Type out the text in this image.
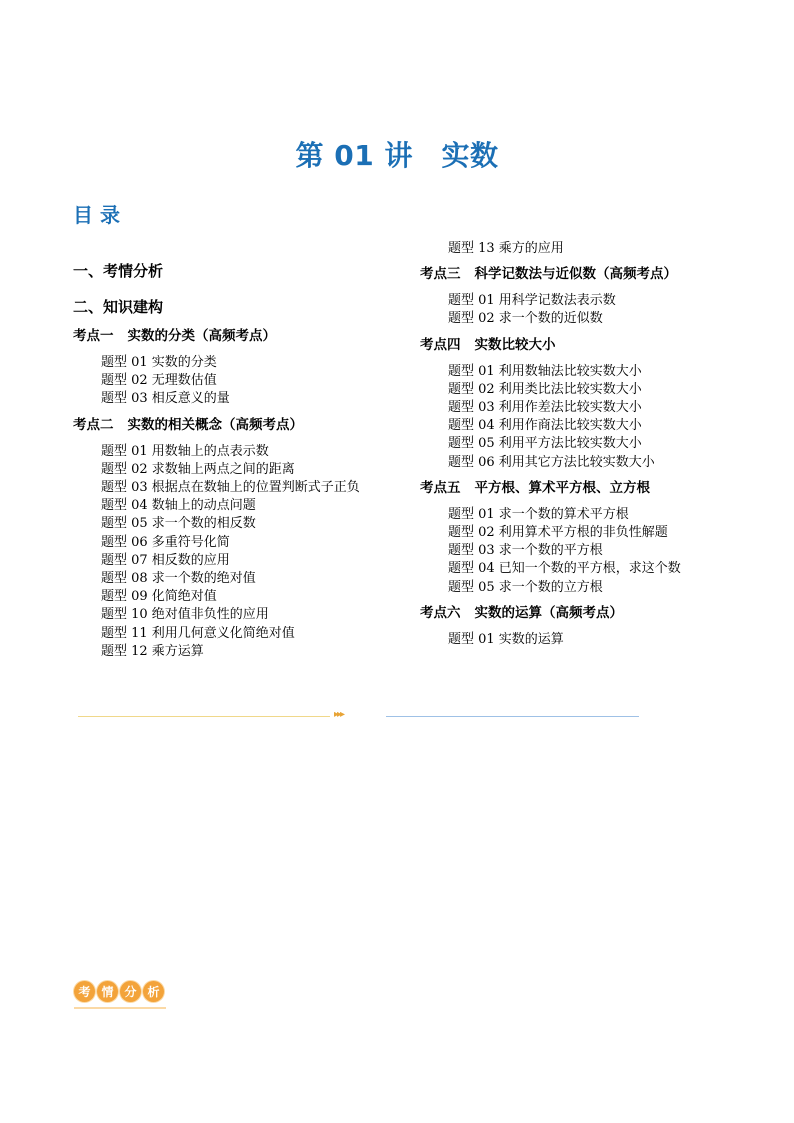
第 01 讲　实数
目 录
一、考情分析
二、知识建构
考点一 实数的分类（高频考点）
题型 01 实数的分类
题型 02 无理数估值
题型 03 相反意义的量
考点二 实数的相关概念（高频考点）
题型 01 用数轴上的点表示数
题型 02 求数轴上两点之间的距离
题型 03 根据点在数轴上的位置判断式子正负
题型 04 数轴上的动点问题
题型 05 求一个数的相反数
题型 06 多重符号化简
题型 07 相反数的应用
题型 08 求一个数的绝对值
题型 09 化简绝对值
题型 10 绝对值非负性的应用
题型 11 利用几何意义化简绝对值
题型 12 乘方运算
题型 13 乘方的应用
考点三 科学记数法与近似数（高频考点）
题型 01 用科学记数法表示数
题型 02 求一个数的近似数
考点四 实数比较大小
题型 01 利用数轴法比较实数大小
题型 02 利用类比法比较实数大小
题型 03 利用作差法比较实数大小
题型 04 利用作商法比较实数大小
题型 05 利用平方法比较实数大小
题型 06 利用其它方法比较实数大小
考点五 平方根、算术平方根、立方根
题型 01 求一个数的算术平方根
题型 02 利用算术平方根的非负性解题
题型 03 求一个数的平方根
题型 04 已知一个数的平方根，求这个数
题型 05 求一个数的立方根
考点六 实数的运算（高频考点）
题型 01 实数的运算
▸▸▸
考 情 分 析
